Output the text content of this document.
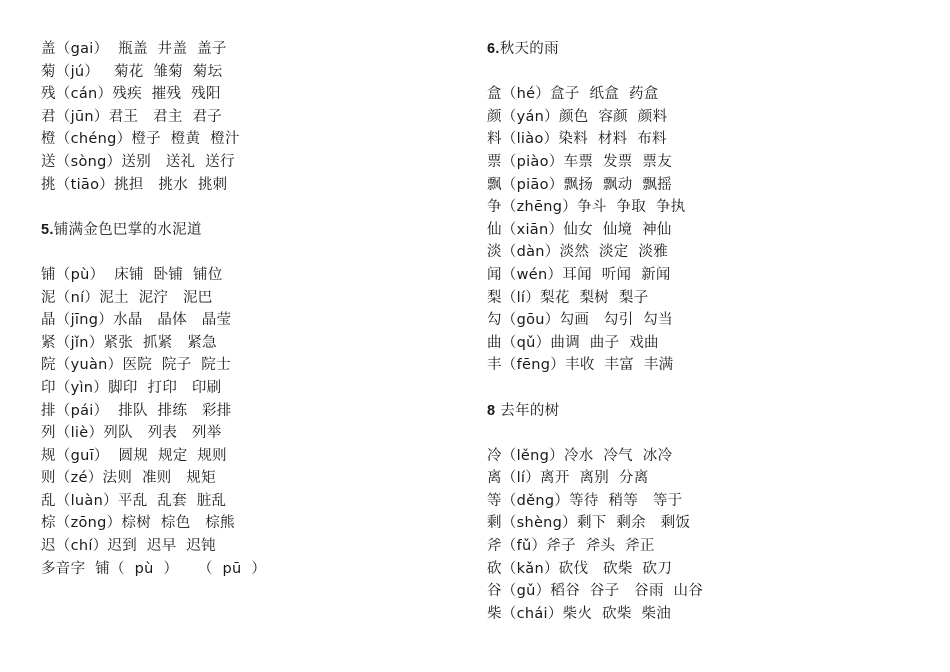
盖（gai）  瓶盖  井盖  盖子
菊（jú）   菊花  雏菊  菊坛
残（cán）残疾  摧残  残阳
君（jūn）君王   君主  君子
橙（chéng）橙子  橙黄  橙汁
送（sòng）送别   送礼  送行
挑（tiāo）挑担   挑水  挑刺
5.铺满金色巴掌的水泥道
铺（pù）  床铺  卧铺  铺位
泥（ní）泥土  泥泞   泥巴
晶（jīng）水晶   晶体   晶莹
紧（jǐn）紧张  抓紧   紧急
院（yuàn）医院  院子  院士
印（yìn）脚印  打印   印刷
排（pái）  排队  排练   彩排
列（liè）列队   列表   列举
规（guī）  圆规  规定  规则
则（zé）法则  准则   规矩
乱（luàn）平乱  乱套  脏乱
棕（zōng）棕树  棕色   棕熊
迟（chí）迟到  迟早  迟钝
多音字  铺（  pù  ）    （  pū  ）
6.秋天的雨
盒（hé）盒子  纸盒  药盒
颜（yán）颜色  容颜  颜料
料（liào）染料  材料  布料
票（piào）车票  发票  票友
飘（piāo）飘扬  飘动  飘摇
争（zhēng）争斗  争取  争执
仙（xiān）仙女  仙境  神仙
淡（dàn）淡然  淡定  淡雅
闻（wén）耳闻  听闻  新闻
梨（lí）梨花  梨树  梨子
勾（gōu）勾画   勾引  勾当
曲（qǔ）曲调  曲子  戏曲
丰（fēng）丰收  丰富  丰满
8 去年的树
冷（lěng）冷水  冷气  冰冷
离（lí）离开  离别  分离
等（děng）等待  稍等   等于
剩（shèng）剩下  剩余   剩饭
斧（fǔ）斧子  斧头  斧正
砍（kǎn）砍伐   砍柴  砍刀
谷（gǔ）稻谷  谷子   谷雨  山谷
柴（chái）柴火  砍柴  柴油
